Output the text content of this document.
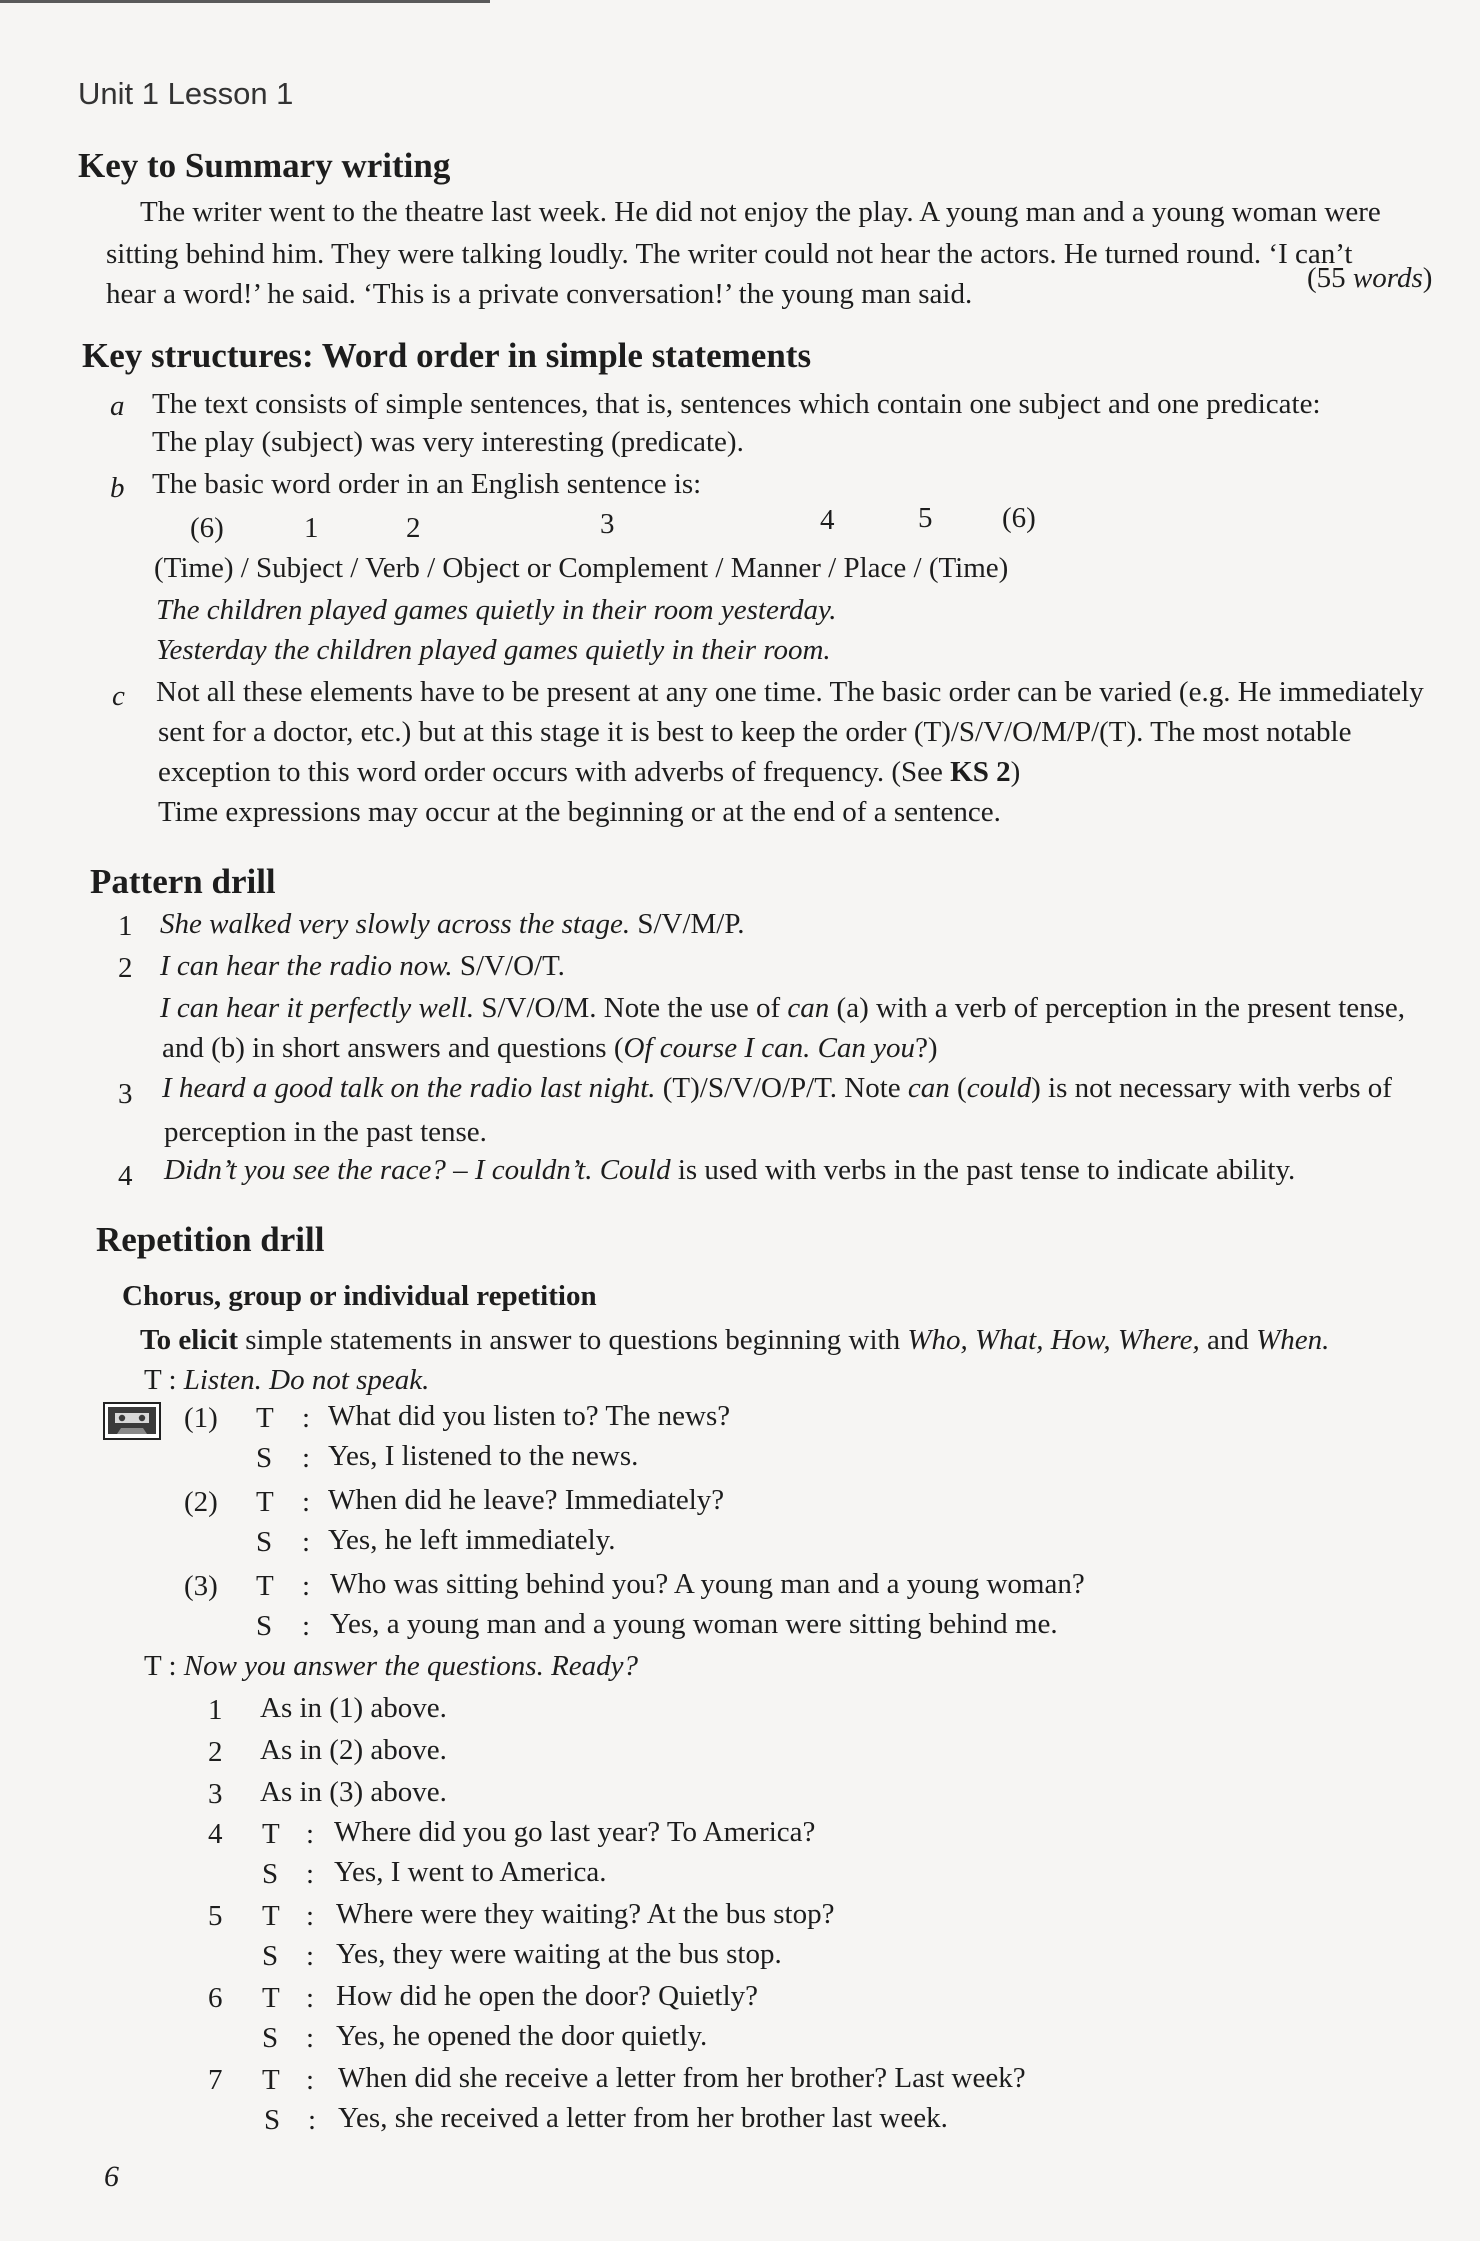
Unit 1 Lesson 1
Key to Summary writing
The writer went to the theatre last week. He did not enjoy the play. A young man and a young woman were
sitting behind him. They were talking loudly. The writer could not hear the actors. He turned round. ‘I can’t
hear a word!’ he said. ‘This is a private conversation!’ the young man said.	(55 words)
Key structures: Word order in simple statements
a The text consists of simple sentences, that is, sentences which contain one subject and one predicate:
The play (subject) was very interesting (predicate).
b The basic word order in an English sentence is:
(6)	1	2	3	4	5 (6)
(Time) / Subject / Verb / Object or Complement / Manner / Place / (Time)
The children played games quietly in their room yesterday.
Yesterday the children played games quietly in their room.
c Not all these elements have to be present at any one time. The basic order can be varied (e.g. He immediately
sent for a doctor, etc.) but at this stage it is best to keep the order (T)/S/V/O/M/P/(T). The most notable
exception to this word order occurs with adverbs of frequency. (See KS 2)
Time expressions may occur at the beginning or at the end of a sentence.
Pattern drill
1 She walked very slowly across the stage. S/V/M/P.
2 I can hear the radio now. S/V/O/T.
I can hear it perfectly well. S/V/O/M. Note the use of can (a) with a verb of perception in the present tense,
and (b) in short answers and questions (Of course I can. Can you?)
3 I heard a good talk on the radio last night. (T)/S/V/O/P/T. Note can (could) is not necessary with verbs of
perception in the past tense.
4 Didn’t you see the race? – I couldn’t. Could is used with verbs in the past tense to indicate ability.
Repetition drill
Chorus, group or individual repetition
To elicit simple statements in answer to questions beginning with Who, What, How, Where, and When.
T : Listen. Do not speak.
(1) T : What did you listen to? The news?
S : Yes, I listened to the news.
(2) T : When did he leave? Immediately?
S : Yes, he left immediately.
(3) T : Who was sitting behind you? A young man and a young woman?
S : Yes, a young man and a young woman were sitting behind me.
T : Now you answer the questions. Ready?
1 As in (1) above.
2 As in (2) above.
3 As in (3) above.
4 T : Where did you go last year? To America?
S : Yes, I went to America.
5 T : Where were they waiting? At the bus stop?
S : Yes, they were waiting at the bus stop.
6 T : How did he open the door? Quietly?
S : Yes, he opened the door quietly.
7 T : When did she receive a letter from her brother? Last week?
S : Yes, she received a letter from her brother last week.
6
